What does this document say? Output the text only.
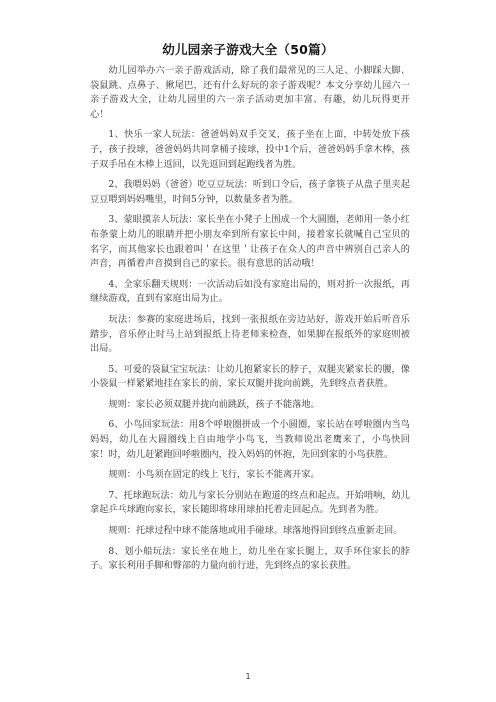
幼儿园亲子游戏大全（50篇）

幼儿园举办六一亲子游戏活动，除了我们最常见的三人足、小脚踩大脚、袋鼠跳、点鼻子、揪尾巴，还有什么好玩的亲子游戏呢？本文分享幼儿园六一亲子游戏大全，让幼儿园里的六一亲子活动更加丰富、有趣，幼儿玩得更开心！

1、快乐一家人玩法：爸爸妈妈双手交叉，孩子坐在上面，中转处放下孩子，孩子投球，爸爸妈妈共同拿桶子接球，投中1个后，爸爸妈妈手拿木棒，孩子双手吊在木棒上返回，以先返回到起跑线者为胜。

2、我喂妈妈（爸爸）吃豆豆玩法：听到口令后，孩子拿筷子从盘子里夹起豆豆喂到妈妈嘴里，时间5分钟，以数量多者为胜。

3、蒙眼摸亲人玩法：家长坐在小凳子上围成一个大圆圈，老师用一条小红布条蒙上幼儿的眼睛并把小朋友牵到所有家长中间，接着家长就喊自己宝贝的名字，而其他家长也跟着叫＇在这里＇让孩子在众人的声音中辨别自己亲人的声音，再循着声音摸到自己的家长。很有意思的活动哦！

4、全家乐翻天规则：一次活动后如没有家庭出局的，则对折一次报纸，再继续游戏，直到有家庭出局为止。

玩法：参赛的家庭进场后，找到一张报纸在旁边站好，游戏开始后听音乐踏步，音乐停止时马上站到报纸上待老师来检查，如果脚在报纸外的家庭则被出局。

5、可爱的袋鼠宝宝玩法：让幼儿抱紧家长的脖子，双腿夹紧家长的腰，像小袋鼠一样紧紧地挂在家长的前，家长双腿并拢向前跳，先到终点者获胜。

规则：家长必须双腿并拢向前跳跃，孩子不能落地。

6、小鸟回家玩法：用8个呼啦圈拼成一个小圆圈，家长站在呼啦圈内当鸟妈妈，幼儿在大圆圈线上自由地学小鸟飞，当教师说出老鹰来了，小鸟快回家！时，幼儿赶紧跑回呼啦圈内，投入妈妈的怀抱，先回到家的小鸟获胜。

规则：小鸟须在固定的线上飞行，家长不能离开家。

7、托球跑玩法：幼儿与家长分别站在跑道的终点和起点。开始哨响，幼儿拿起乒乓球跑向家长，家长随即将球用球拍托着走回起点。先到者为胜。

规则：托球过程中球不能落地或用手碰球。球落地得回到终点重新走回。

8、划小船玩法：家长坐在地上，幼儿坐在家长腿上，双手环住家长的脖子。家长利用手脚和臀部的力量向前行进，先到终点的家长获胜。

1
